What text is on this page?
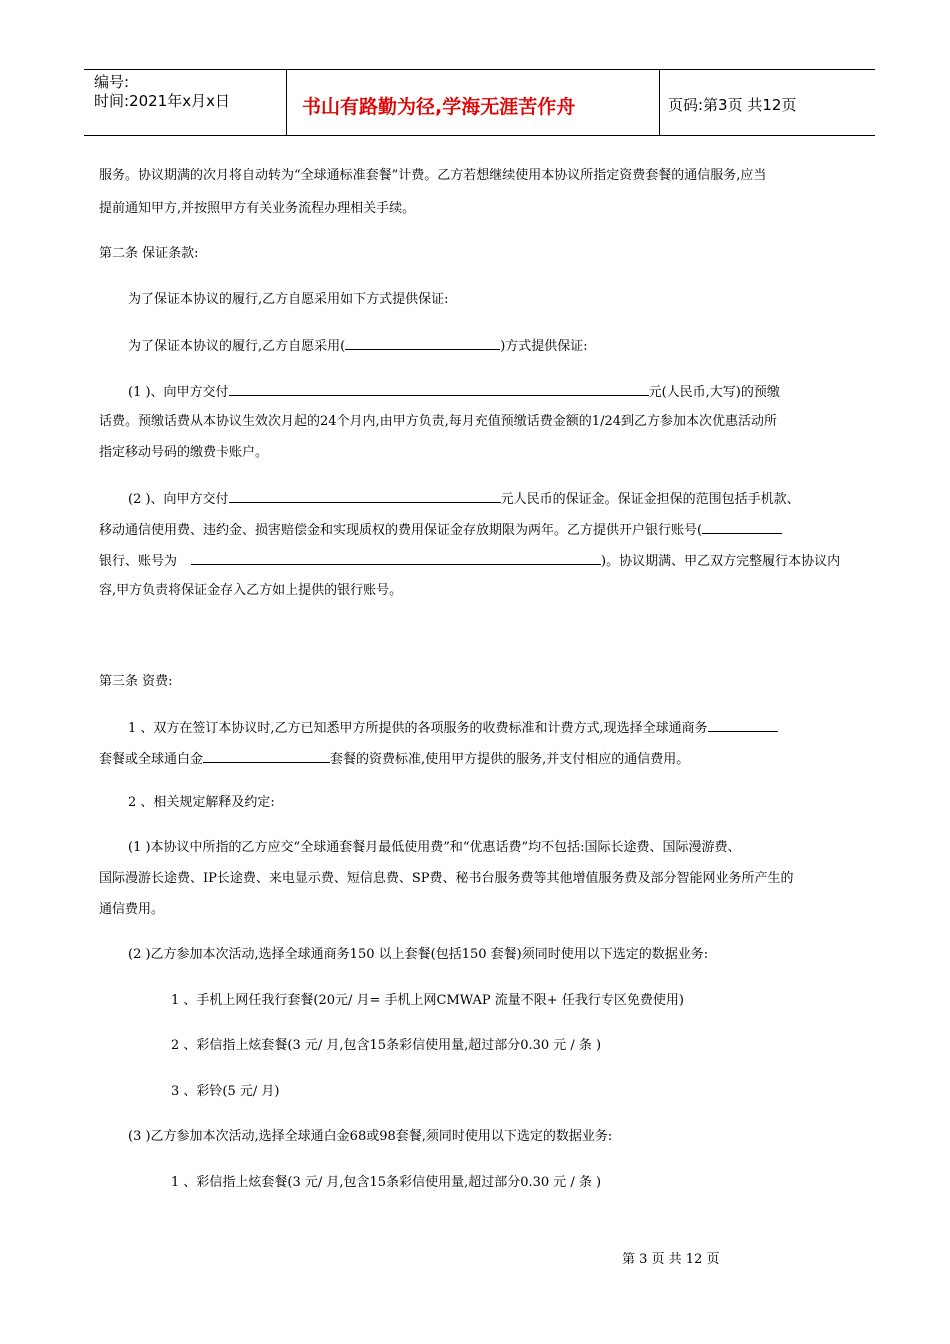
编号:
时间:2021年x月x日	书山有路勤为径,学海无涯苦作舟	页码:第3页 共12页
服务。协议期满的次月将自动转为“全球通标准套餐”计费。乙方若想继续使用本协议所指定资费套餐的通信服务,应当
提前通知甲方,并按照甲方有关业务流程办理相关手续。
第二条 保证条款:
为了保证本协议的履行,乙方自愿采用如下方式提供保证:
为了保证本协议的履行,乙方自愿采用(	)方式提供保证:
(1 )、向甲方交付	元(人民币,大写)的预缴
话费。预缴话费从本协议生效次月起的24个月内,由甲方负责,每月充值预缴话费金额的1/24到乙方参加本次优惠活动所
指定移动号码的缴费卡账户。
(2 )、向甲方交付	元人民币的保证金。保证金担保的范围包括手机款、
移动通信使用费、违约金、损害赔偿金和实现质权的费用保证金存放期限为两年。乙方提供开户银行账号(
银行、账号为	)。协议期满、甲乙双方完整履行本协议内
容,甲方负责将保证金存入乙方如上提供的银行账号。
第三条 资费:
1 、双方在签订本协议时,乙方已知悉甲方所提供的各项服务的收费标准和计费方式,现选择全球通商务
套餐或全球通白金	套餐的资费标准,使用甲方提供的服务,并支付相应的通信费用。
2 、相关规定解释及约定:
(1 )本协议中所指的乙方应交“全球通套餐月最低使用费”和“优惠话费”均不包括:国际长途费、国际漫游费、
国际漫游长途费、IP长途费、来电显示费、短信息费、SP费、秘书台服务费等其他增值服务费及部分智能网业务所产生的
通信费用。
(2 )乙方参加本次活动,选择全球通商务150 以上套餐(包括150 套餐)须同时使用以下选定的数据业务:
1 、手机上网任我行套餐(20元/ 月= 手机上网CMWAP 流量不限+ 任我行专区免费使用)
2 、彩信指上炫套餐(3 元/ 月,包含15条彩信使用量,超过部分0.30 元 / 条 )
3 、彩铃(5 元/ 月)
(3 )乙方参加本次活动,选择全球通白金68或98套餐,须同时使用以下选定的数据业务:
1 、彩信指上炫套餐(3 元/ 月,包含15条彩信使用量,超过部分0.30 元 / 条 )
第 3 页 共 12 页
